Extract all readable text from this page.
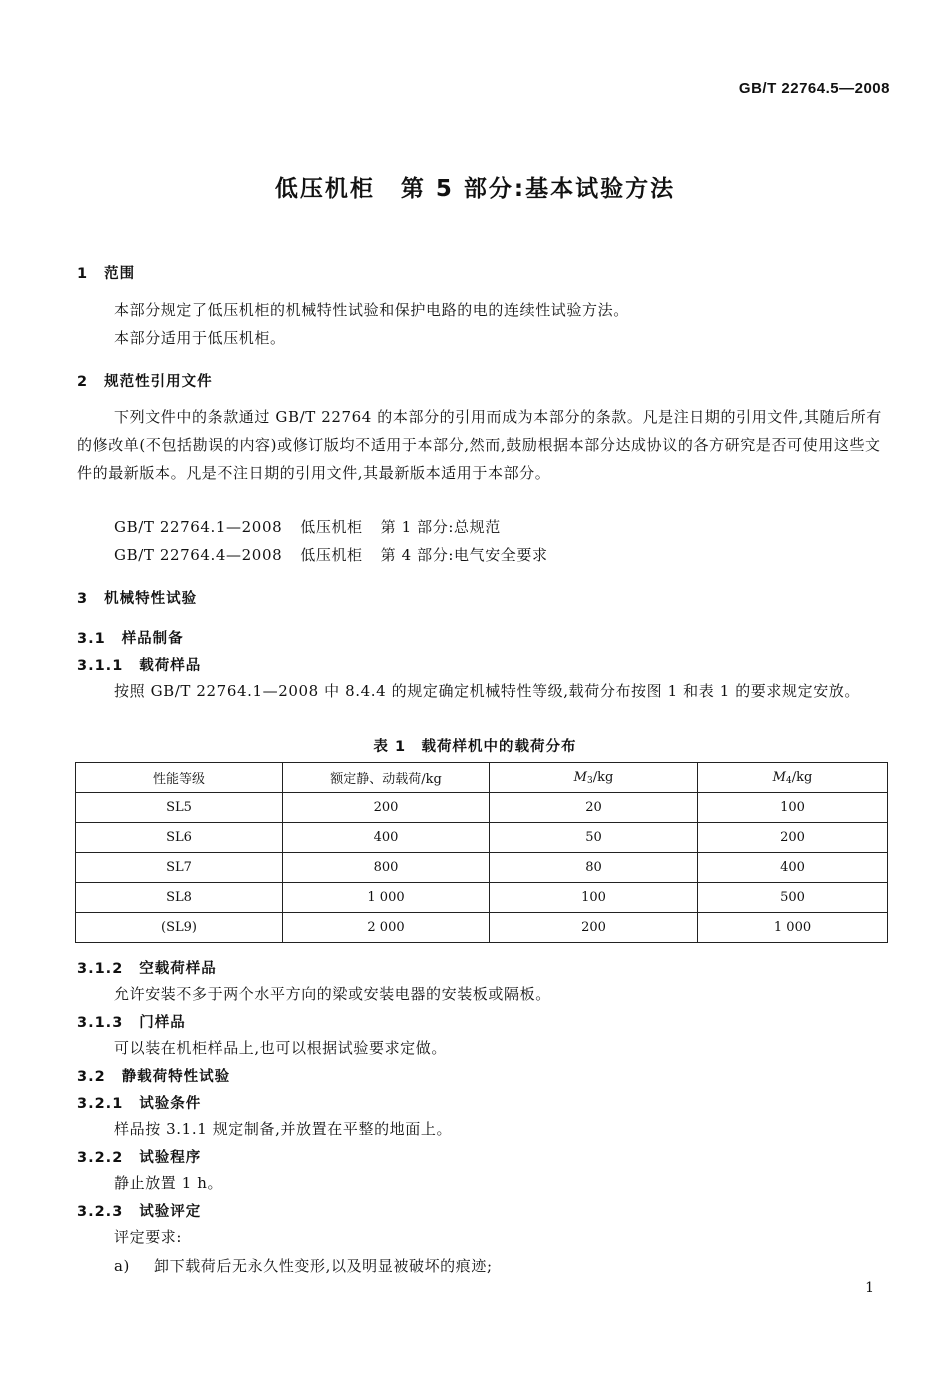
GB/T 22764.5—2008
低压机柜 第 5 部分:基本试验方法
1 范围
本部分规定了低压机柜的机械特性试验和保护电路的电的连续性试验方法。
本部分适用于低压机柜。
2 规范性引用文件
下列文件中的条款通过 GB/T 22764 的本部分的引用而成为本部分的条款。凡是注日期的引用文件,其随后所有的修改单(不包括勘误的内容)或修订版均不适用于本部分,然而,鼓励根据本部分达成协议的各方研究是否可使用这些文件的最新版本。凡是不注日期的引用文件,其最新版本适用于本部分。
GB/T 22764.1—2008 低压机柜 第 1 部分:总规范
GB/T 22764.4—2008 低压机柜 第 4 部分:电气安全要求
3 机械特性试验
3.1 样品制备
3.1.1 载荷样品
按照 GB/T 22764.1—2008 中 8.4.4 的规定确定机械特性等级,载荷分布按图 1 和表 1 的要求规定安放。
表 1　载荷样机中的载荷分布
性能等级	额定静、动载荷/kg	$M_3/kg$	$M_4/kg$
SL5	200	20	100
SL6	400	50	200
SL7	800	80	400
SL8	1 000	100	500
(SL9)	2 000	200	1 000
3.1.2 空载荷样品
允许安装不多于两个水平方向的梁或安装电器的安装板或隔板。
3.1.3 门样品
可以装在机柜样品上,也可以根据试验要求定做。
3.2 静载荷特性试验
3.2.1 试验条件
样品按 3.1.1 规定制备,并放置在平整的地面上。
3.2.2 试验程序
静止放置 1 h。
3.2.3 试验评定
评定要求:
a) 卸下载荷后无永久性变形,以及明显被破坏的痕迹;
1
